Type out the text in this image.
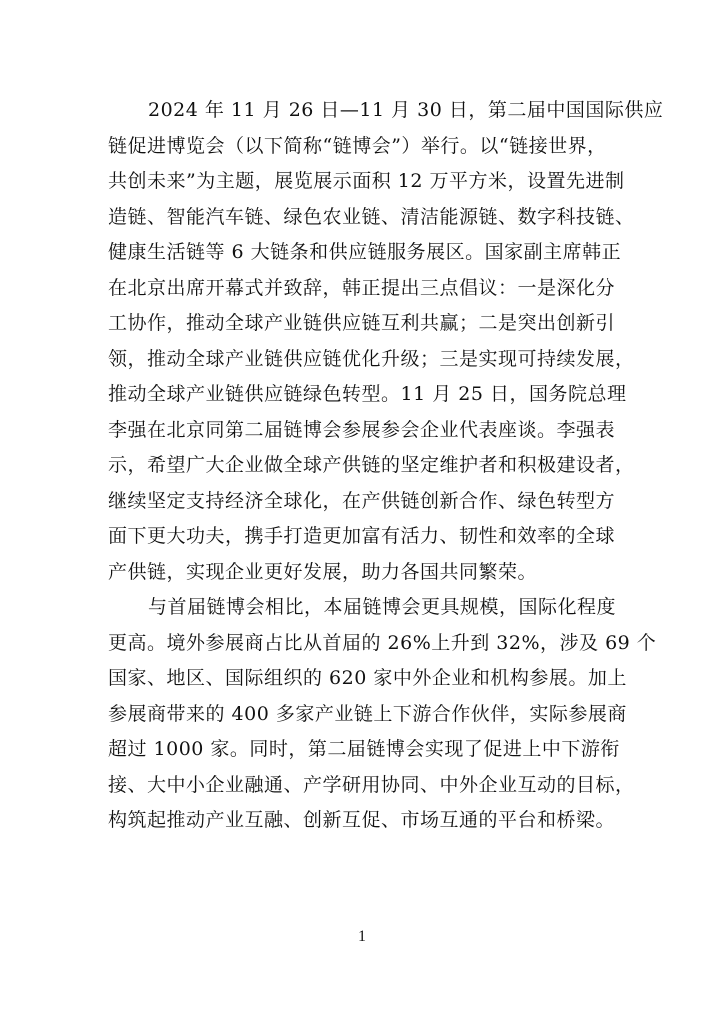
2024 年 11 月 26 日—11 月 30 日，第二届中国国际供应
链促进博览会（以下简称“链博会”）举行。以“链接世界，
共创未来”为主题，展览展示面积 12 万平方米，设置先进制
造链、智能汽车链、绿色农业链、清洁能源链、数字科技链、
健康生活链等 6 大链条和供应链服务展区。国家副主席韩正
在北京出席开幕式并致辞，韩正提出三点倡议：一是深化分
工协作，推动全球产业链供应链互利共赢；二是突出创新引
领，推动全球产业链供应链优化升级；三是实现可持续发展，
推动全球产业链供应链绿色转型。11 月 25 日，国务院总理
李强在北京同第二届链博会参展参会企业代表座谈。李强表
示，希望广大企业做全球产供链的坚定维护者和积极建设者，
继续坚定支持经济全球化，在产供链创新合作、绿色转型方
面下更大功夫，携手打造更加富有活力、韧性和效率的全球
产供链，实现企业更好发展，助力各国共同繁荣。
与首届链博会相比，本届链博会更具规模，国际化程度
更高。境外参展商占比从首届的 26%上升到 32%，涉及 69 个
国家、地区、国际组织的 620 家中外企业和机构参展。加上
参展商带来的 400 多家产业链上下游合作伙伴，实际参展商
超过 1000 家。同时，第二届链博会实现了促进上中下游衔
接、大中小企业融通、产学研用协同、中外企业互动的目标，
构筑起推动产业互融、创新互促、市场互通的平台和桥梁。
1
